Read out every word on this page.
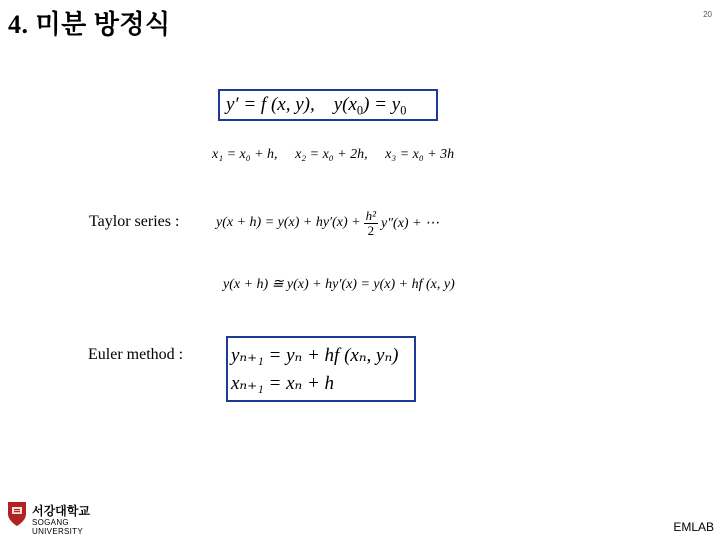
4. 미분 방정식	20
y′ = f (x, y), $y(x_0) = y_0$
x₁ = x₀ + h, x₂ = x₀ + 2h, x₃ = x₀ + 3h
Taylor series :	$y(x + h) = y(x) + hy'(x) + \frac{\text{h²}}{2} y''(x)$ + ⋯
y(x + h) ≅ y(x) + hy′(x) = y(x) + hf (x, y)
Euler method :	yₙ₊₁ = yₙ + hf (xₙ, yₙ)
xₙ₊₁ = xₙ + h
서강대학교
SOGANG UNIVERSITY	EMLAB
